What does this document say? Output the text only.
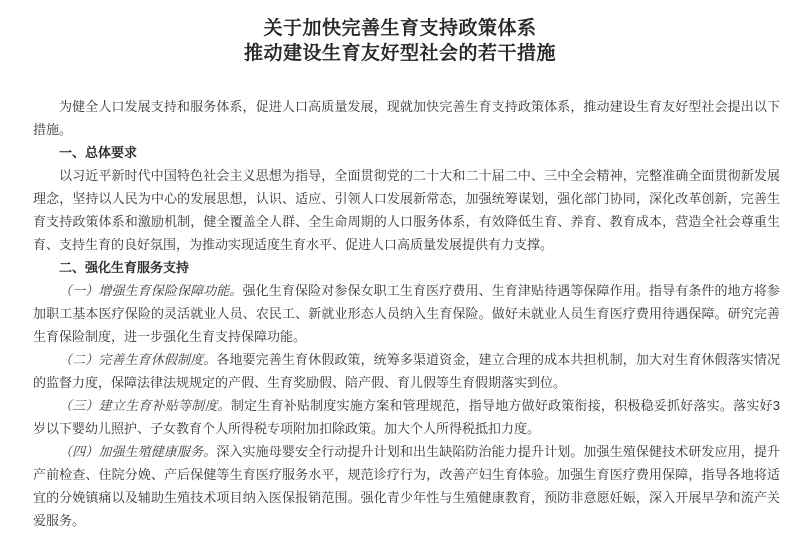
关于加快完善生育支持政策体系
推动建设生育友好型社会的若干措施

为健全人口发展支持和服务体系，促进人口高质量发展，现就加快完善生育支持政策体系，推动建设生育友好型社会提出以下措施。

一、总体要求

以习近平新时代中国特色社会主义思想为指导，全面贯彻党的二十大和二十届二中、三中全会精神，完整准确全面贯彻新发展理念，坚持以人民为中心的发展思想，认识、适应、引领人口发展新常态，加强统筹谋划，强化部门协同，深化改革创新，完善生育支持政策体系和激励机制，健全覆盖全人群、全生命周期的人口服务体系，有效降低生育、养育、教育成本，营造全社会尊重生育、支持生育的良好氛围，为推动实现适度生育水平、促进人口高质量发展提供有力支撑。

二、强化生育服务支持

（一）增强生育保险保障功能。强化生育保险对参保女职工生育医疗费用、生育津贴待遇等保障作用。指导有条件的地方将参加职工基本医疗保险的灵活就业人员、农民工、新就业形态人员纳入生育保险。做好未就业人员生育医疗费用待遇保障。研究完善生育保险制度，进一步强化生育支持保障功能。

（二）完善生育休假制度。各地要完善生育休假政策，统筹多渠道资金，建立合理的成本共担机制，加大对生育休假落实情况的监督力度，保障法律法规规定的产假、生育奖励假、陪产假、育儿假等生育假期落实到位。

（三）建立生育补贴等制度。制定生育补贴制度实施方案和管理规范，指导地方做好政策衔接，积极稳妥抓好落实。落实好3岁以下婴幼儿照护、子女教育个人所得税专项附加扣除政策。加大个人所得税抵扣力度。

（四）加强生殖健康服务。深入实施母婴安全行动提升计划和出生缺陷防治能力提升计划。加强生殖保健技术研发应用，提升产前检查、住院分娩、产后保健等生育医疗服务水平，规范诊疗行为，改善产妇生育体验。加强生育医疗费用保障，指导各地将适宜的分娩镇痛以及辅助生殖技术项目纳入医保报销范围。强化青少年性与生殖健康教育，预防非意愿妊娠，深入开展早孕和流产关爱服务。
